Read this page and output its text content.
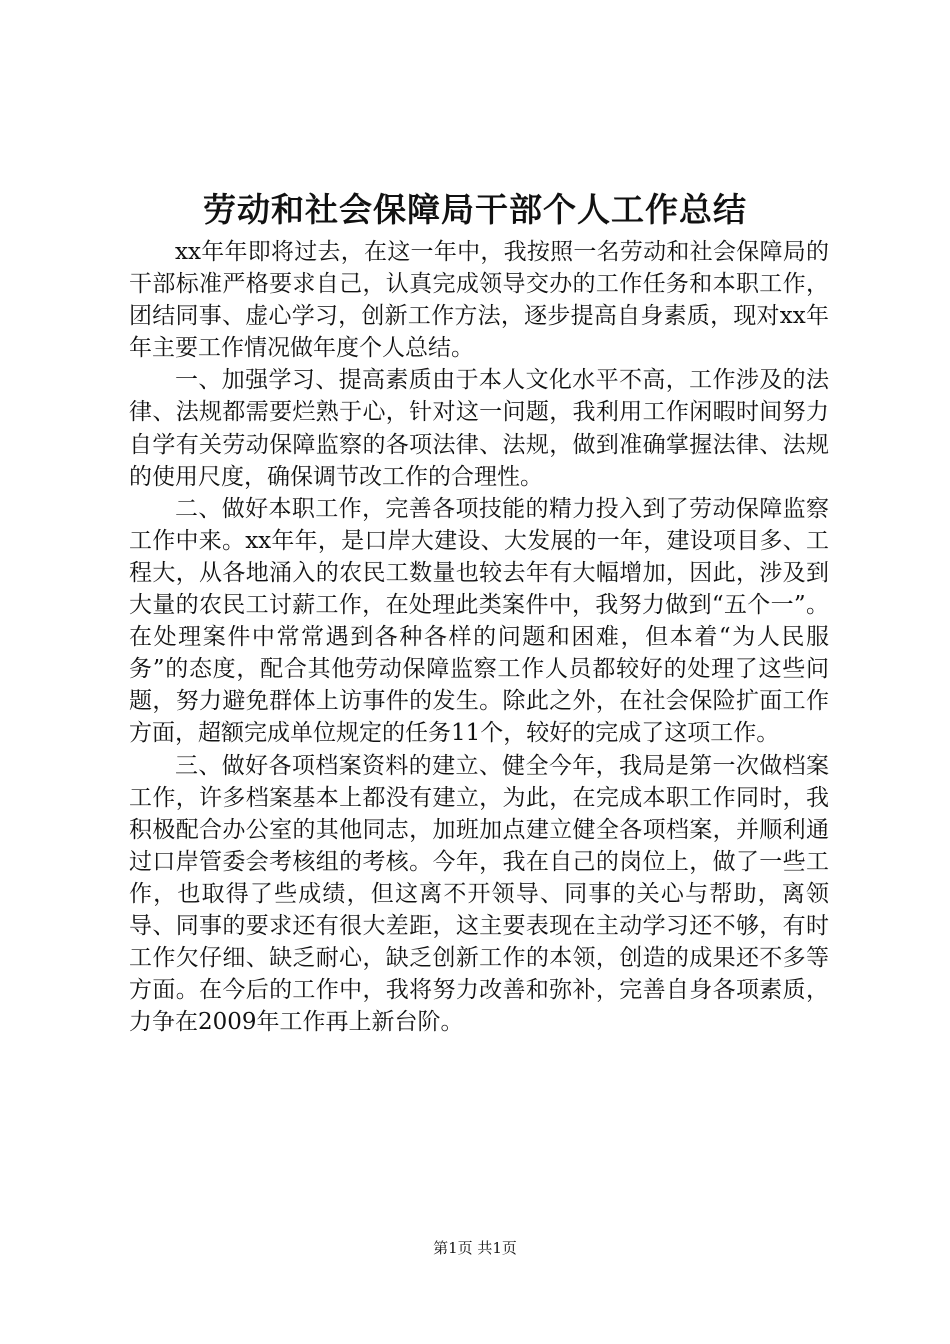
劳动和社会保障局干部个人工作总结

xx年年即将过去，在这一年中，我按照一名劳动和社会保障局的干部标准严格要求自己，认真完成领导交办的工作任务和本职工作，团结同事、虚心学习，创新工作方法，逐步提高自身素质，现对xx年年主要工作情况做年度个人总结。

一、加强学习、提高素质由于本人文化水平不高，工作涉及的法律、法规都需要烂熟于心，针对这一问题，我利用工作闲暇时间努力自学有关劳动保障监察的各项法律、法规，做到准确掌握法律、法规的使用尺度，确保调节改工作的合理性。

二、做好本职工作，完善各项技能的精力投入到了劳动保障监察工作中来。xx年年，是口岸大建设、大发展的一年，建设项目多、工程大，从各地涌入的农民工数量也较去年有大幅增加，因此，涉及到大量的农民工讨薪工作，在处理此类案件中，我努力做到“五个一”。在处理案件中常常遇到各种各样的问题和困难，但本着“为人民服务”的态度，配合其他劳动保障监察工作人员都较好的处理了这些问题，努力避免群体上访事件的发生。除此之外，在社会保险扩面工作方面，超额完成单位规定的任务11个，较好的完成了这项工作。

三、做好各项档案资料的建立、健全今年，我局是第一次做档案工作，许多档案基本上都没有建立，为此，在完成本职工作同时，我积极配合办公室的其他同志，加班加点建立健全各项档案，并顺利通过口岸管委会考核组的考核。今年，我在自己的岗位上，做了一些工作，也取得了些成绩，但这离不开领导、同事的关心与帮助，离领导、同事的要求还有很大差距，这主要表现在主动学习还不够，有时工作欠仔细、缺乏耐心，缺乏创新工作的本领，创造的成果还不多等方面。在今后的工作中，我将努力改善和弥补，完善自身各项素质，力争在2009年工作再上新台阶。

第1页 共1页
